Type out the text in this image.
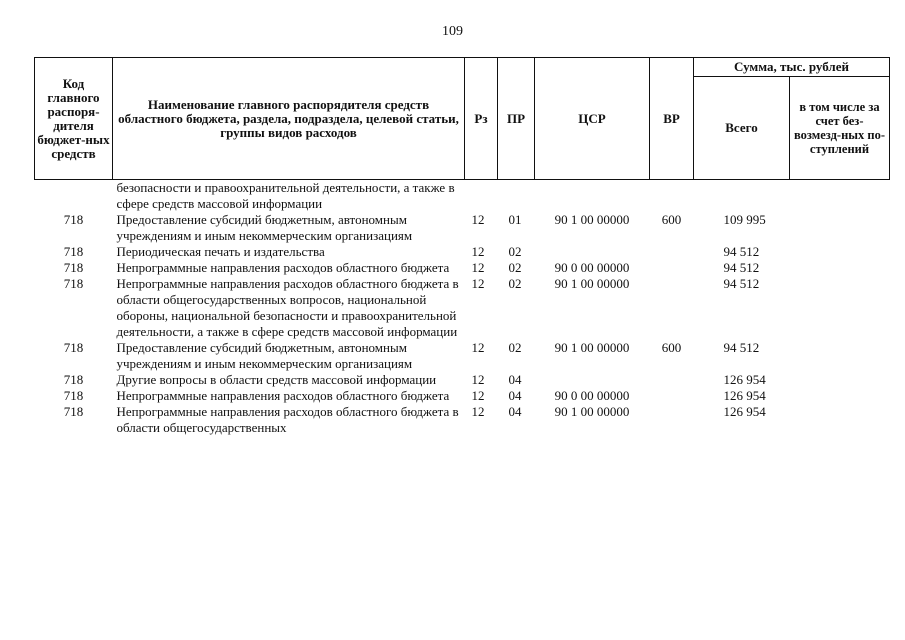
109
Код главного распоря-дителя бюджет-ных средств	Наименование главного распорядителя средств областного бюджета, раздела, подраздела, целевой статьи, группы видов расходов	Рз	ПР	ЦСР	ВР	Сумма, тыс. рублей	
						Всего	в том числе за счет без-возмезд-ных по-ступлений
	безопасности и правоохранительной деятельности, а также в сфере средств массовой информации						
718	Предоставление субсидий бюджетным, автономным учреждениям и иным некоммерческим организациям	12	01	90 1 00 00000	600	109 995	
718	Периодическая печать и издательства	12	02			94 512	
718	Непрограммные направления расходов областного бюджета	12	02	90 0 00 00000		94 512	
718	Непрограммные направления расходов областного бюджета в области общегосударственных вопросов, национальной обороны, национальной безопасности и правоохранительной деятельности, а также в сфере средств массовой информации	12	02	90 1 00 00000		94 512	
718	Предоставление субсидий бюджетным, автономным учреждениям и иным некоммерческим организациям	12	02	90 1 00 00000	600	94 512	
718	Другие вопросы в области средств массовой информации	12	04			126 954	
718	Непрограммные направления расходов областного бюджета	12	04	90 0 00 00000		126 954	
718	Непрограммные направления расходов областного бюджета в области общегосударственных	12	04	90 1 00 00000		126 954	
